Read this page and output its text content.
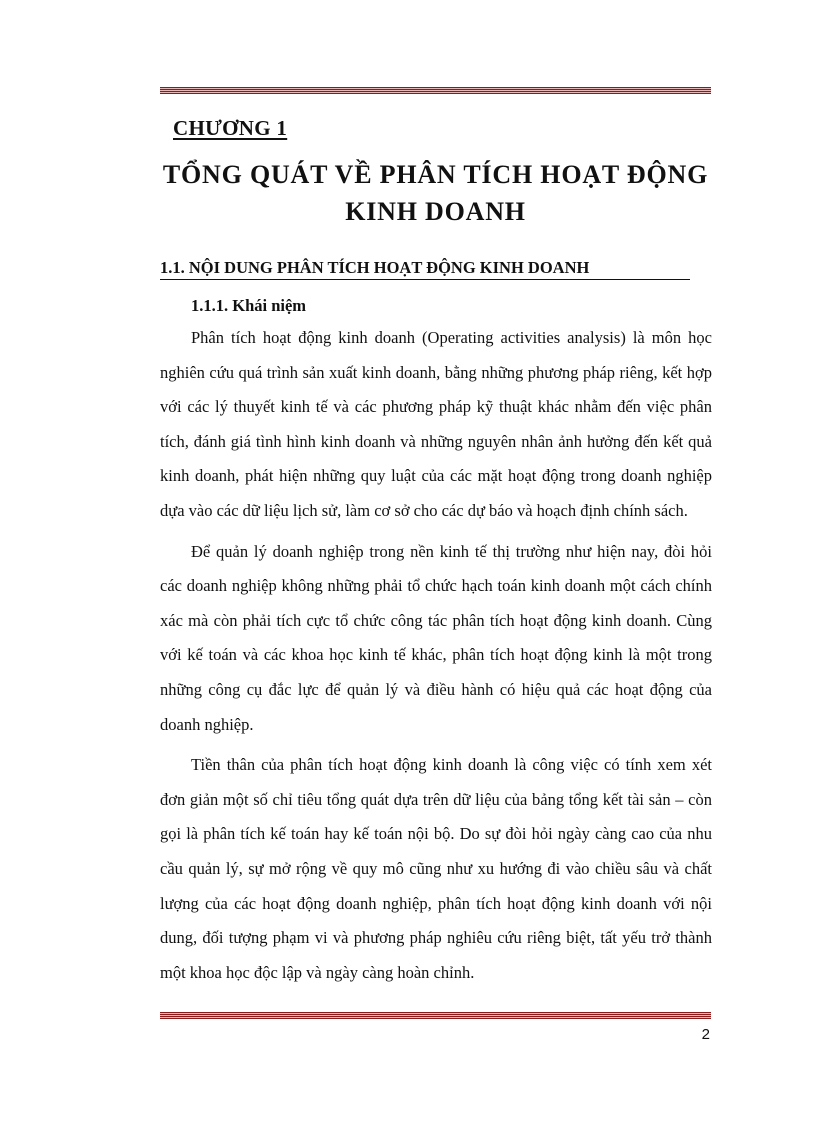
CHƯƠNG 1
TỔNG QUÁT VỀ PHÂN TÍCH HOẠT ĐỘNG
KINH DOANH
1.1. NỘI DUNG PHÂN TÍCH HOẠT ĐỘNG KINH DOANH
1.1.1. Khái niệm

Phân tích hoạt động kinh doanh (Operating activities analysis) là môn học nghiên cứu quá trình sản xuất kinh doanh, bằng những phương pháp riêng, kết hợp với các lý thuyết kinh tế và các phương pháp kỹ thuật khác nhằm đến việc phân tích, đánh giá tình hình kinh doanh và những nguyên nhân ảnh hưởng đến kết quả kinh doanh, phát hiện những quy luật của các mặt hoạt động trong doanh nghiệp dựa vào các dữ liệu lịch sử, làm cơ sở cho các dự báo và hoạch định chính sách.

Để quản lý doanh nghiệp trong nền kinh tế thị trường như hiện nay, đòi hỏi các doanh nghiệp không những phải tổ chức hạch toán kinh doanh một cách chính xác mà còn phải tích cực tổ chức công tác phân tích hoạt động kinh doanh. Cùng với kế toán và các khoa học kinh tế khác, phân tích hoạt động kinh là một trong những công cụ đắc lực để quản lý và điều hành có hiệu quả các hoạt động của doanh nghiệp.

Tiền thân của phân tích hoạt động kinh doanh là công việc có tính xem xét đơn giản một số chỉ tiêu tổng quát dựa trên dữ liệu của bảng tổng kết tài sản – còn gọi là phân tích kế toán hay kế toán nội bộ. Do sự đòi hỏi ngày càng cao của nhu cầu quản lý, sự mở rộng về quy mô cũng như xu hướng đi vào chiều sâu và chất lượng của các hoạt động doanh nghiệp, phân tích hoạt động kinh doanh với nội dung, đối tượng phạm vi và phương pháp nghiêu cứu riêng biệt, tất yếu trở thành một khoa học độc lập và ngày càng hoàn chỉnh.

2
